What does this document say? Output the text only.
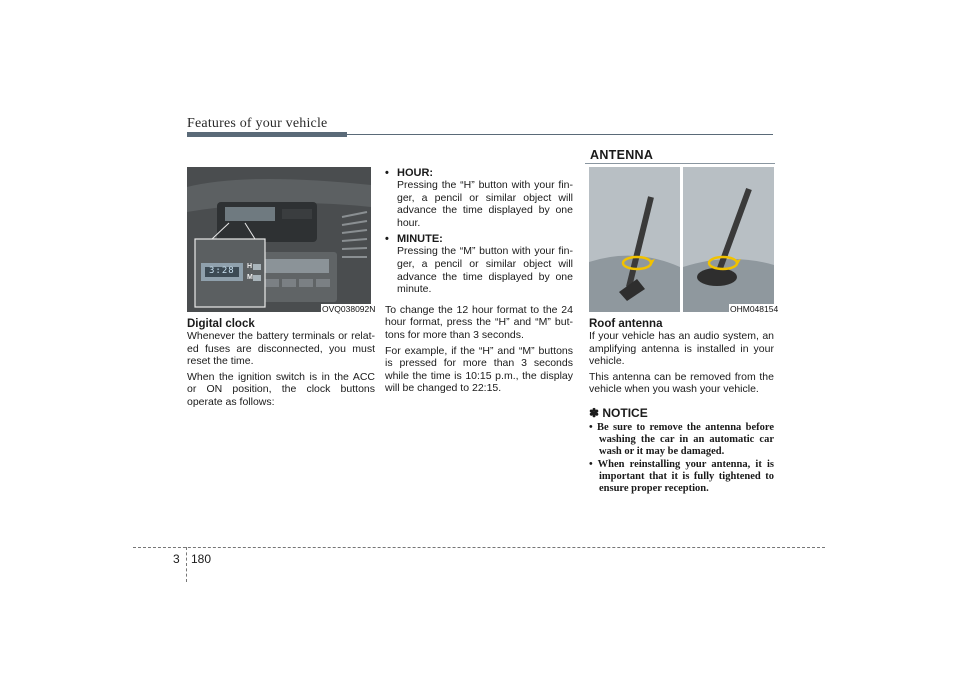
Features of your vehicle
3:28 H
M
OVQ038092N

Digital clock

Whenever the battery terminals or relat-ed fuses are disconnected, you must reset the time.

When the ignition switch is in the ACC or ON position, the clock buttons operate as follows:

• HOUR:

Pressing the “H” button with your fin-ger, a pencil or similar object will advance the time displayed by one hour.

• MINUTE:

Pressing the “M” button with your fin-ger, a pencil or similar object will advance the time displayed by one minute.

To change the 12 hour format to the 24 hour format, press the “H” and “M” but-tons for more than 3 seconds.

For example, if the “H” and “M” buttons is pressed for more than 3 seconds while the time is 10:15 p.m., the display will be changed to 22:15.

ANTENNA
OHM048154

Roof antenna

If your vehicle has an audio system, an amplifying antenna is installed in your vehicle.

This antenna can be removed from the vehicle when you wash your vehicle.

✽ NOTICE
• Be sure to remove the antenna before washing the car in an automatic car wash or it may be damaged.
• When reinstalling your antenna, it is important that it is fully tightened to ensure proper reception.
3 180
